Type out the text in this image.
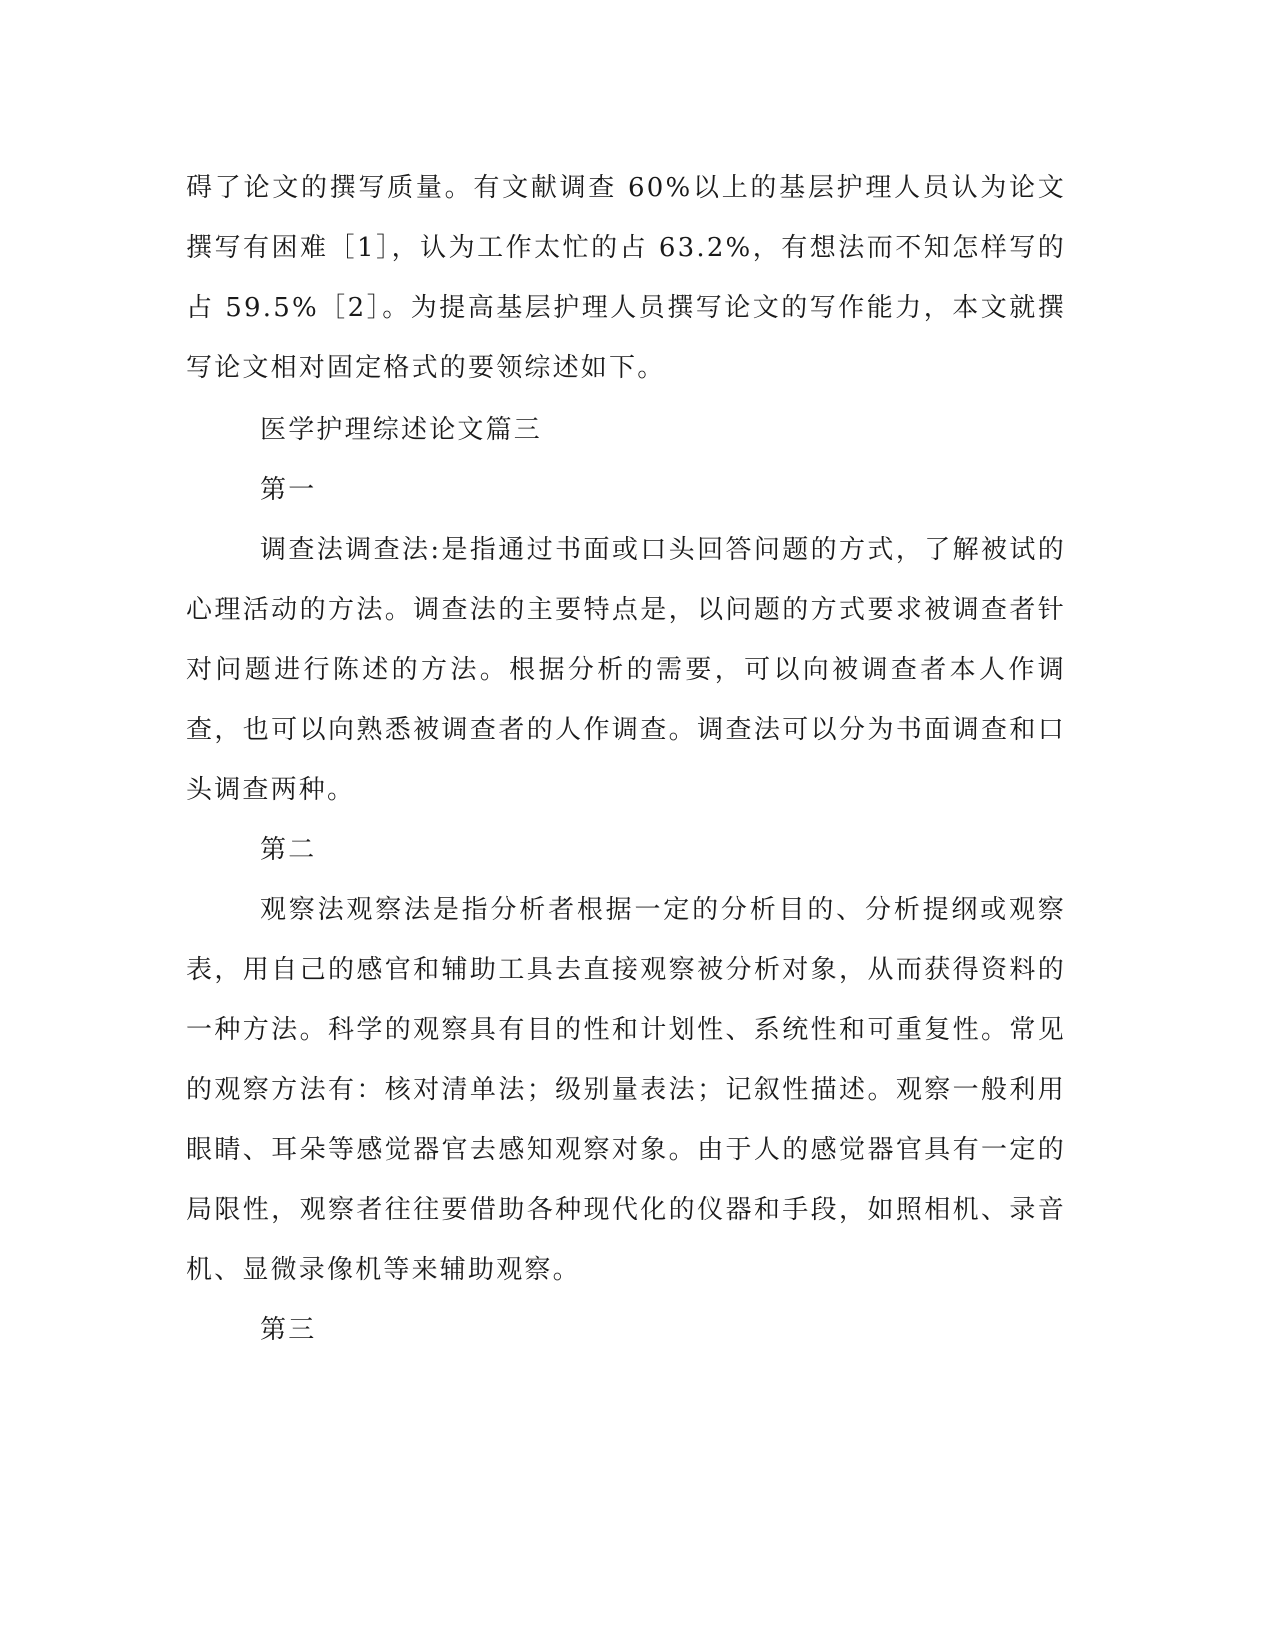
碍了论文的撰写质量。有文献调查 60%以上的基层护理人员认为论文撰写有困难［1］，认为工作太忙的占 63.2%，有想法而不知怎样写的占 59.5%［2］。为提高基层护理人员撰写论文的写作能力，本文就撰写论文相对固定格式的要领综述如下。

医学护理综述论文篇三

第一

调查法调查法:是指通过书面或口头回答问题的方式，了解被试的心理活动的方法。调查法的主要特点是，以问题的方式要求被调查者针对问题进行陈述的方法。根据分析的需要，可以向被调查者本人作调查，也可以向熟悉被调查者的人作调查。调查法可以分为书面调查和口头调查两种。

第二

观察法观察法是指分析者根据一定的分析目的、分析提纲或观察表，用自己的感官和辅助工具去直接观察被分析对象，从而获得资料的一种方法。科学的观察具有目的性和计划性、系统性和可重复性。常见的观察方法有：核对清单法；级别量表法；记叙性描述。观察一般利用眼睛、耳朵等感觉器官去感知观察对象。由于人的感觉器官具有一定的局限性，观察者往往要借助各种现代化的仪器和手段，如照相机、录音机、显微录像机等来辅助观察。

第三
